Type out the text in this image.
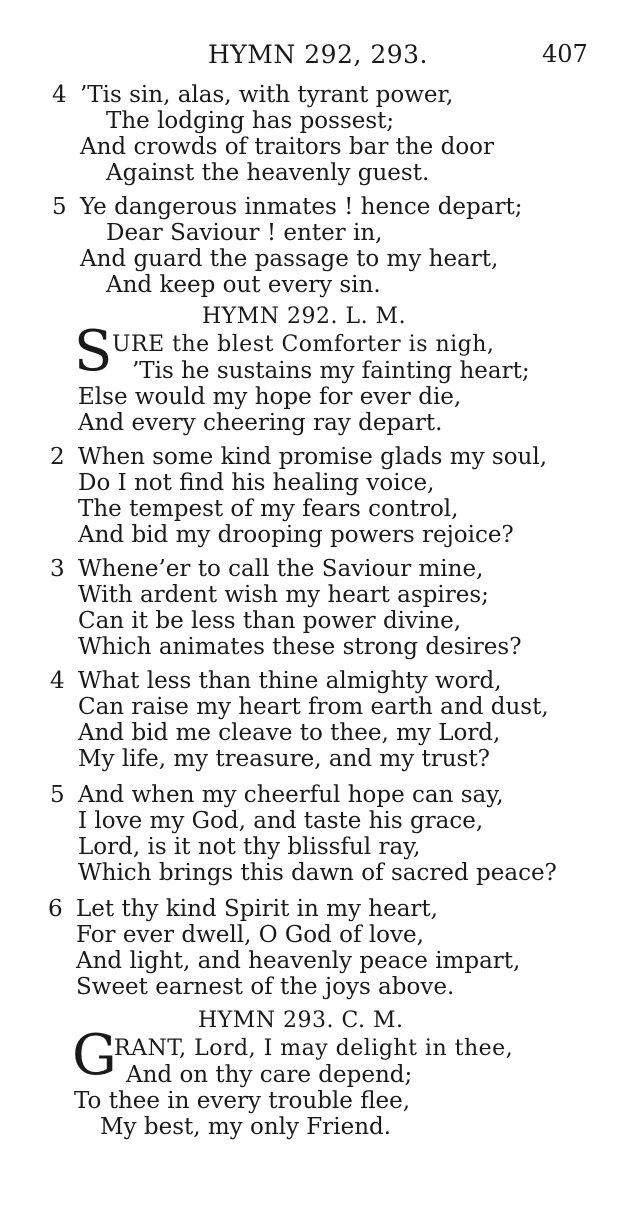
HYMN 292, 293.	407
4 ’Tis sin, alas, with tyrant power,
The lodging has possest;
And crowds of traitors bar the door
Against the heavenly guest.
5 Ye dangerous inmates ! hence depart;
Dear Saviour ! enter in,
And guard the passage to my heart,
And keep out every sin.
HYMN 292. L. M.
S URE the blest Comforter is nigh,
’Tis he sustains my fainting heart;
Else would my hope for ever die,
And every cheering ray depart.
2 When some kind promise glads my soul,
Do I not find his healing voice,
The tempest of my fears control,
And bid my drooping powers rejoice?
3 Whene’er to call the Saviour mine,
With ardent wish my heart aspires;
Can it be less than power divine,
Which animates these strong desires?
4 What less than thine almighty word,
Can raise my heart from earth and dust,
And bid me cleave to thee, my Lord,
My life, my treasure, and my trust?
5 And when my cheerful hope can say,
I love my God, and taste his grace,
Lord, is it not thy blissful ray,
Which brings this dawn of sacred peace?
6 Let thy kind Spirit in my heart,
For ever dwell, O God of love,
And light, and heavenly peace impart,
Sweet earnest of the joys above.
HYMN 293. C. M.
G
RANT, Lord, I may delight in thee,
And on thy care depend;
To thee in every trouble flee,
My best, my only Friend.
